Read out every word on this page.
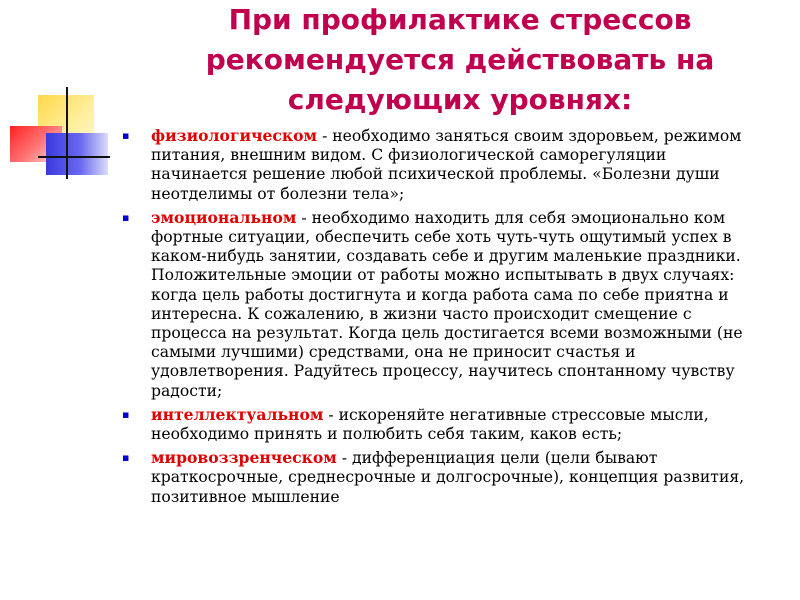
При профилактике стрессов рекомендуется действовать на следующих уровнях:
▪ физиологическом - необходимо заняться своим здоровьем, режимом питания, внешним видом. С физиологической саморегуляции начинается решение любой психической проблемы. «Болезни души неотделимы от болезни тела»;
▪ эмоциональном - необходимо находить для себя эмоционально ком фортные ситуации, обеспечить себе хоть чуть-чуть ощутимый успех в каком-нибудь занятии, создавать себе и другим маленькие праздники. Положительные эмоции от работы можно испытывать в двух случаях: когда цель работы достигнута и когда работа сама по себе приятна и интересна. К сожалению, в жизни часто происходит смещение с процесса на результат. Когда цель достигается всеми возможными (не самыми лучшими) средствами, она не приносит счастья и удовлетворения. Радуйтесь процессу, научитесь спонтанному чувству радости;
▪ интеллектуальном - искореняйте негативные стрессовые мысли, необходимо принять и полюбить себя таким, каков есть;
▪ мировоззренческом - дифференциация цели (цели бывают краткосрочные, среднесрочные и долгосрочные), концепция развития, позитивное мышление
